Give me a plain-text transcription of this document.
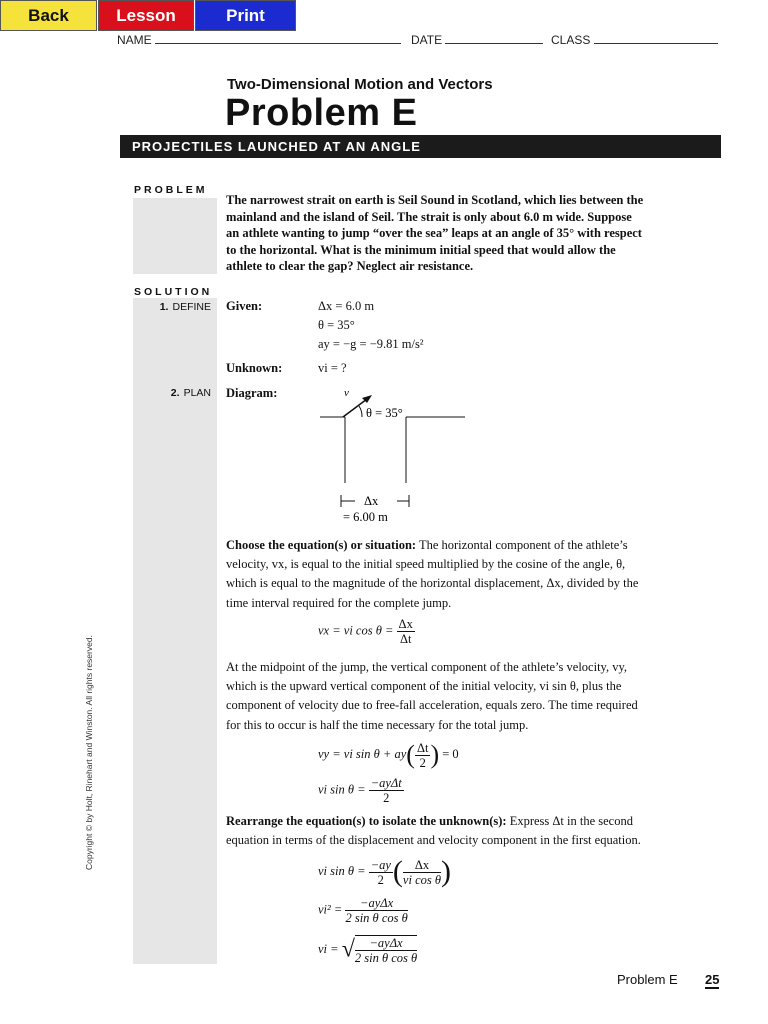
Back	Lesson	Print
NAME	DATE	CLASS
Two-Dimensional Motion and Vectors
Problem E
PROJECTILES LAUNCHED AT AN ANGLE
PROBLEM
The narrowest strait on earth is Seil Sound in Scotland, which lies between the mainland and the island of Seil. The strait is only about 6.0 m wide. Suppose an athlete wanting to jump “over the sea” leaps at an angle of 35° with respect to the horizontal. What is the minimum initial speed that would allow the athlete to clear the gap? Neglect air resistance.
SOLUTION
1. DEFINE Given:	Δx = 6.0 m
θ = 35°
ay = −g = −9.81 m/s²
Unknown:	vi = ?
2. PLAN Diagram:	v
θ = 35°
Δx
= 6.00 m
Choose the equation(s) or situation: The horizontal component of the athlete’s velocity, vx, is equal to the initial speed multiplied by the cosine of the angle, θ, which is equal to the magnitude of the horizontal displacement, Δx, divided by the time interval required for the complete jump.
vx = vi $\cos \theta = \frac{\Delta x}{\Delta t}$
At the midpoint of the jump, the vertical component of the athlete’s velocity, vy, which is the upward vertical component of the initial velocity, vi sin θ, plus the component of velocity due to free-fall acceleration, equals zero. The time required for this to occur is half the time necessary for the total jump.
vy = vi $\sin \theta + ay( \frac{\Delta t}{2}$ ) = 0
vi $\sin \theta = \frac{\text{−ayΔt}}{2}$
Rearrange the equation(s) to isolate the unknown(s): Express Δt in the second equation in terms of the displacement and velocity component in the first equation.
vi $\sin \theta = \frac{-ay}{2}$ ( $\frac{\Delta x}{\text{vi cos θ}}$ )
$vi^2 = \frac{\text{−ayΔx}}{\text{2 sin θ cos θ}}$
vi = √ $\frac{\text{−ayΔx}}{\text{2 sin θ cos θ}}$
Copyright © by Holt, Rinehart and Winston. All rights reserved.
Problem E 25
